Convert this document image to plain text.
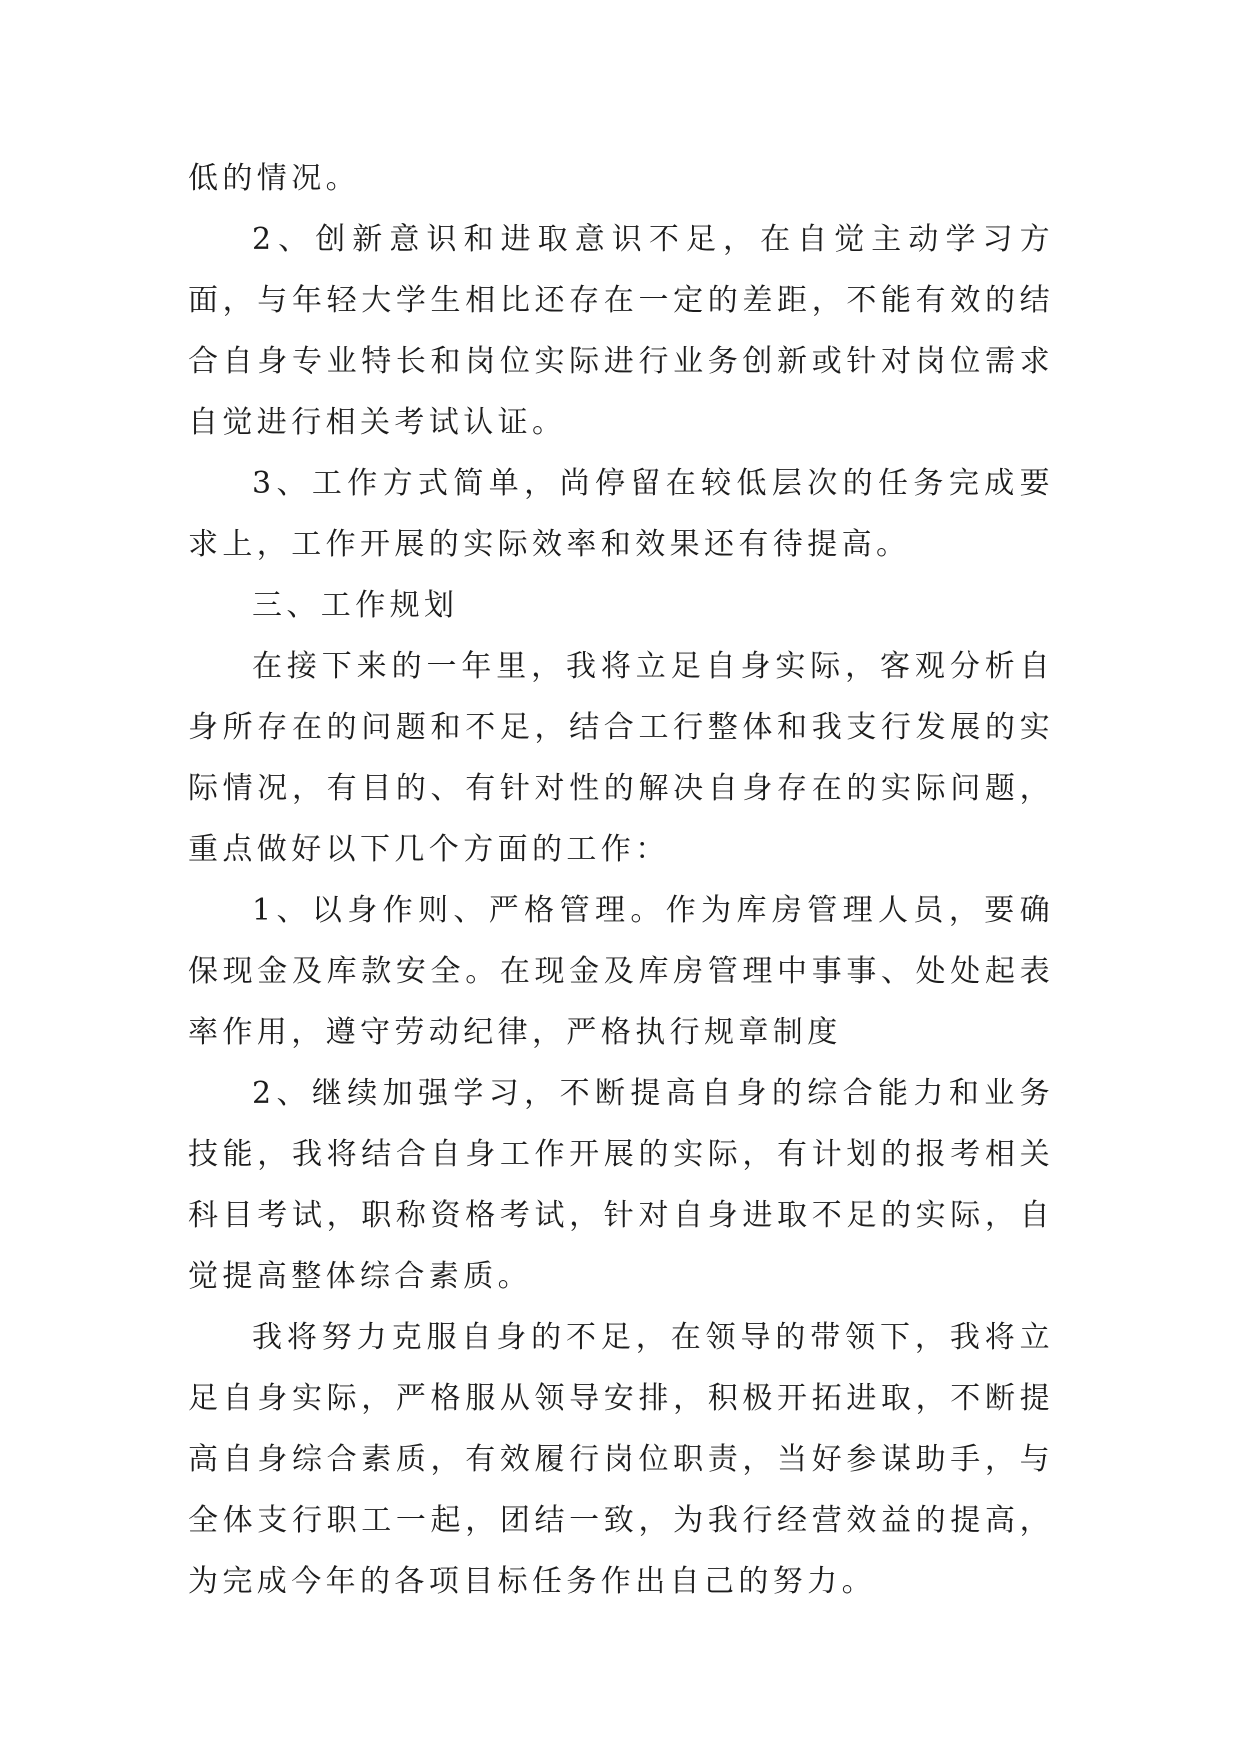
低的情况。

2、创新意识和进取意识不足，在自觉主动学习方面，与年轻大学生相比还存在一定的差距，不能有效的结合自身专业特长和岗位实际进行业务创新或针对岗位需求自觉进行相关考试认证。

3、工作方式简单，尚停留在较低层次的任务完成要求上，工作开展的实际效率和效果还有待提高。

三、工作规划

在接下来的一年里，我将立足自身实际，客观分析自身所存在的问题和不足，结合工行整体和我支行发展的实际情况，有目的、有针对性的解决自身存在的实际问题，重点做好以下几个方面的工作：

1、以身作则、严格管理。作为库房管理人员，要确保现金及库款安全。在现金及库房管理中事事、处处起表率作用，遵守劳动纪律，严格执行规章制度

2、继续加强学习，不断提高自身的综合能力和业务技能，我将结合自身工作开展的实际，有计划的报考相关科目考试，职称资格考试，针对自身进取不足的实际，自觉提高整体综合素质。

我将努力克服自身的不足，在领导的带领下，我将立足自身实际，严格服从领导安排，积极开拓进取，不断提高自身综合素质，有效履行岗位职责，当好参谋助手，与全体支行职工一起，团结一致，为我行经营效益的提高，为完成今年的各项目标任务作出自己的努力。
